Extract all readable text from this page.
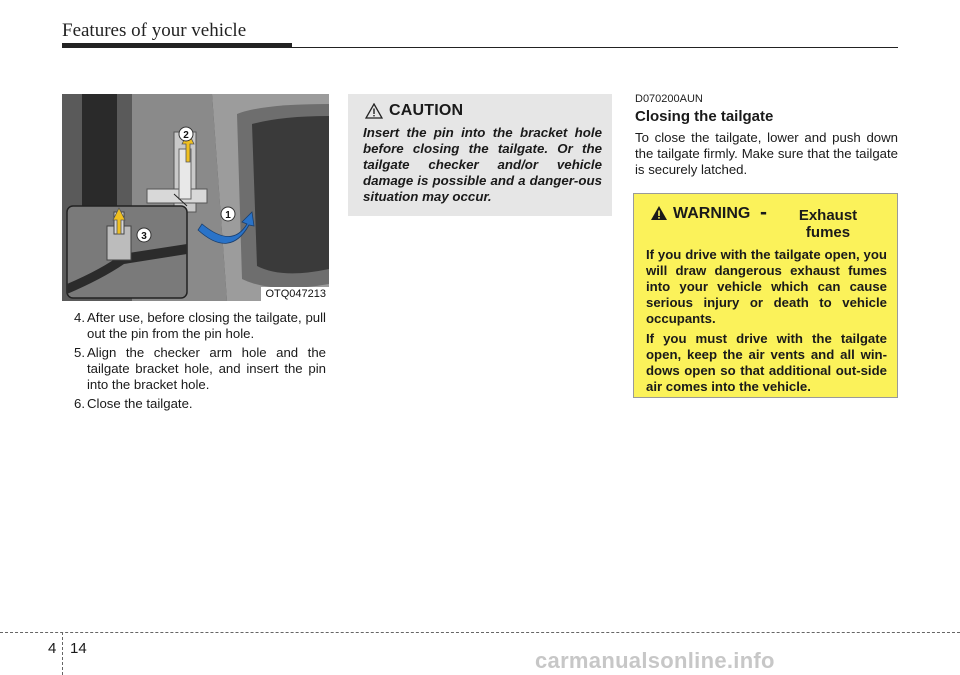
Features of your vehicle
2
1
3
OTQ047213
4. After use, before closing the tailgate, pull out the pin from the pin hole.
5. Align the checker arm hole and the tailgate bracket hole, and insert the pin into the bracket hole.
6. Close the tailgate.
CAUTION
Insert the pin into the bracket hole before closing the tailgate. Or the tailgate checker and/or vehicle damage is possible and a danger-ous situation may occur.
D070200AUN
Closing the tailgate
To close the tailgate, lower and push down the tailgate firmly. Make sure that the tailgate is securely latched.
WARNING -	Exhaust fumes
If you drive with the tailgate open, you will draw dangerous exhaust fumes into your vehicle which can cause serious injury or death to vehicle occupants.
If you must drive with the tailgate open, keep the air vents and all win-dows open so that additional out-side air comes into the vehicle.
4 14	carmanualsonline.info
